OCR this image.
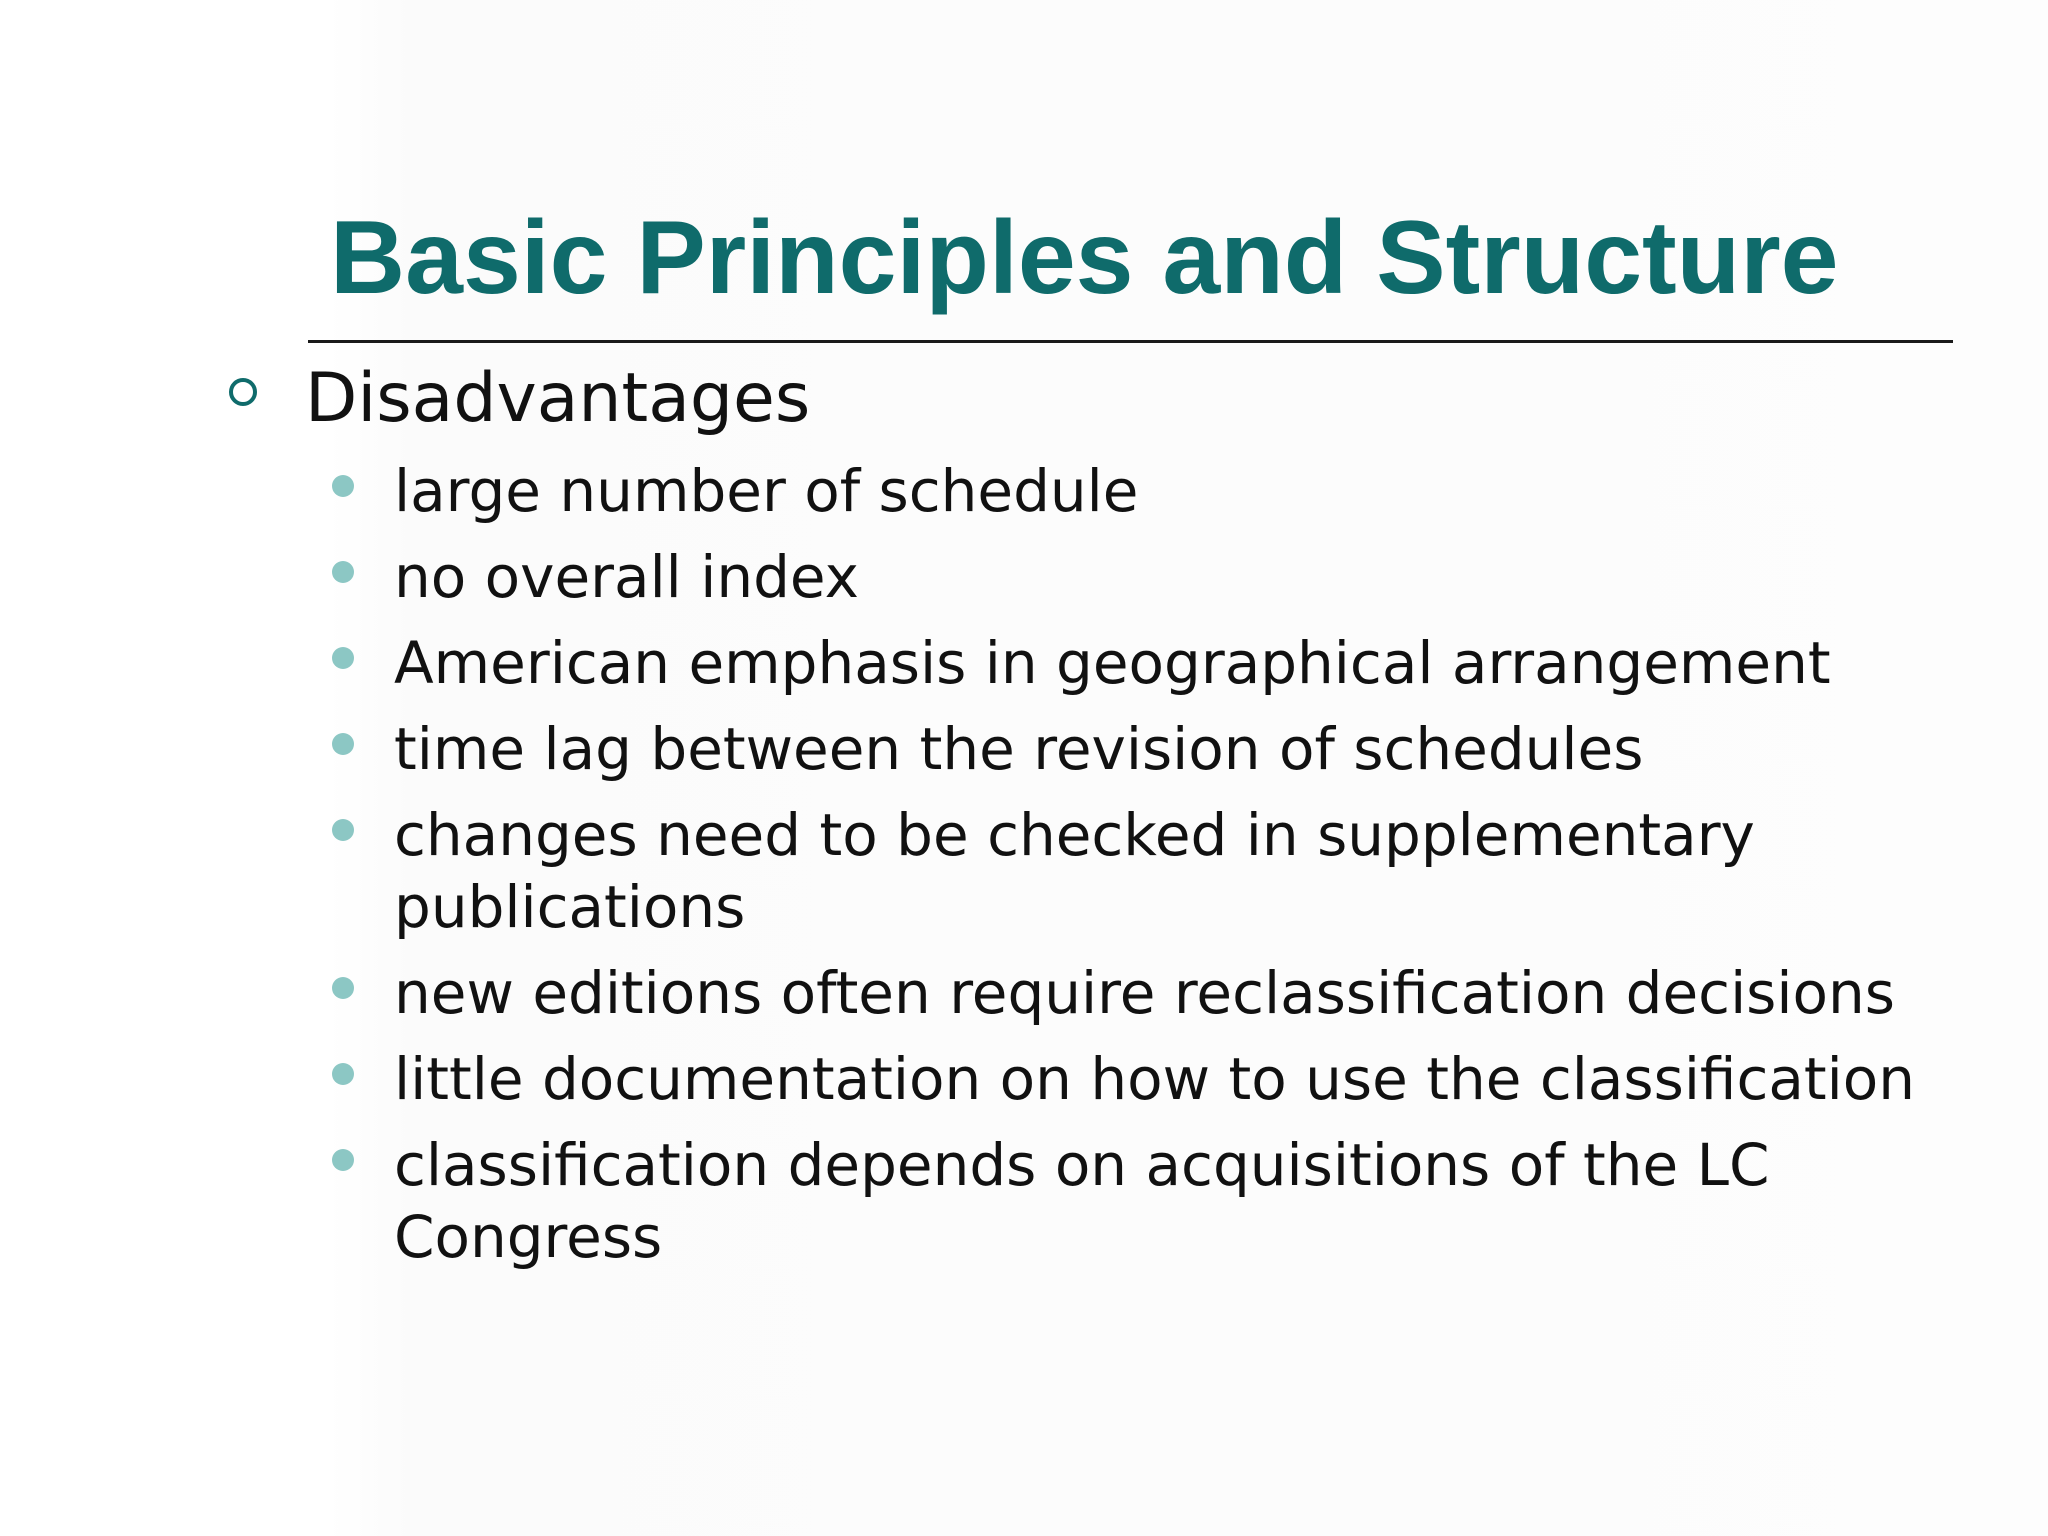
Basic Principles and Structure
Disadvantages
large number of schedule
no overall index
American emphasis in geographical arrangement
time lag between the revision of schedules
changes need to be checked in supplementary publications
new editions often require reclassification decisions
little documentation on how to use the classification
classification depends on acquisitions of the LC Congress
